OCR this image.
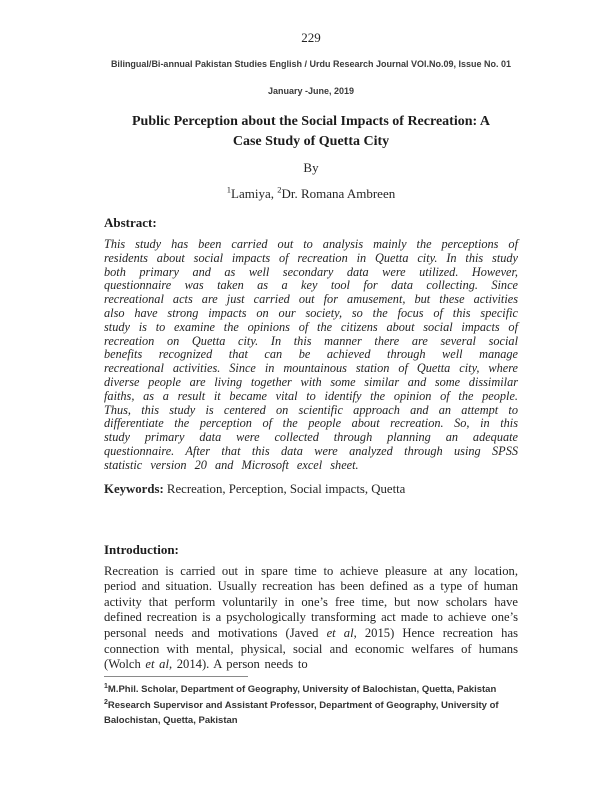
229
Bilingual/Bi-annual Pakistan Studies English / Urdu Research Journal VOl.No.09, Issue No. 01
January -June, 2019
Public Perception about the Social Impacts of Recreation: A
Case Study of Quetta City
By
$^1$Lamiya, $^2$Dr. Romana Ambreen
Abstract:

This study has been carried out to analysis mainly the perceptions of residents about social impacts of recreation in Quetta city. In this study both primary and as well secondary data were utilized. However, questionnaire was taken as a key tool for data collecting. Since recreational acts are just carried out for amusement, but these activities also have strong impacts on our society, so the focus of this specific study is to examine the opinions of the citizens about social impacts of recreation on Quetta city. In this manner there are several social benefits recognized that can be achieved through well manage recreational activities. Since in mountainous station of Quetta city, where diverse people are living together with some similar and some dissimilar faiths, as a result it became vital to identify the opinion of the people. Thus, this study is centered on scientific approach and an attempt to differentiate the perception of the people about recreation. So, in this study primary data were collected through planning an adequate questionnaire. After that this data were analyzed through using SPSS statistic version 20 and Microsoft excel sheet.

Keywords: Recreation, Perception, Social impacts, Quetta

Introduction:

Recreation is carried out in spare time to achieve pleasure at any location, period and situation. Usually recreation has been defined as a type of human activity that perform voluntarily in one’s free time, but now scholars have defined recreation is a psychologically transforming act made to achieve one’s personal needs and motivations (Javed et al, 2015) Hence recreation has connection with mental, physical, social and economic welfares of humans (Wolch et al, 2014). A person needs to

$^1$M.Phil. Scholar, Department of Geography, University of Balochistan, Quetta, Pakistan
$^2$Research Supervisor and Assistant Professor, Department of Geography, University of Balochistan, Quetta, Pakistan
